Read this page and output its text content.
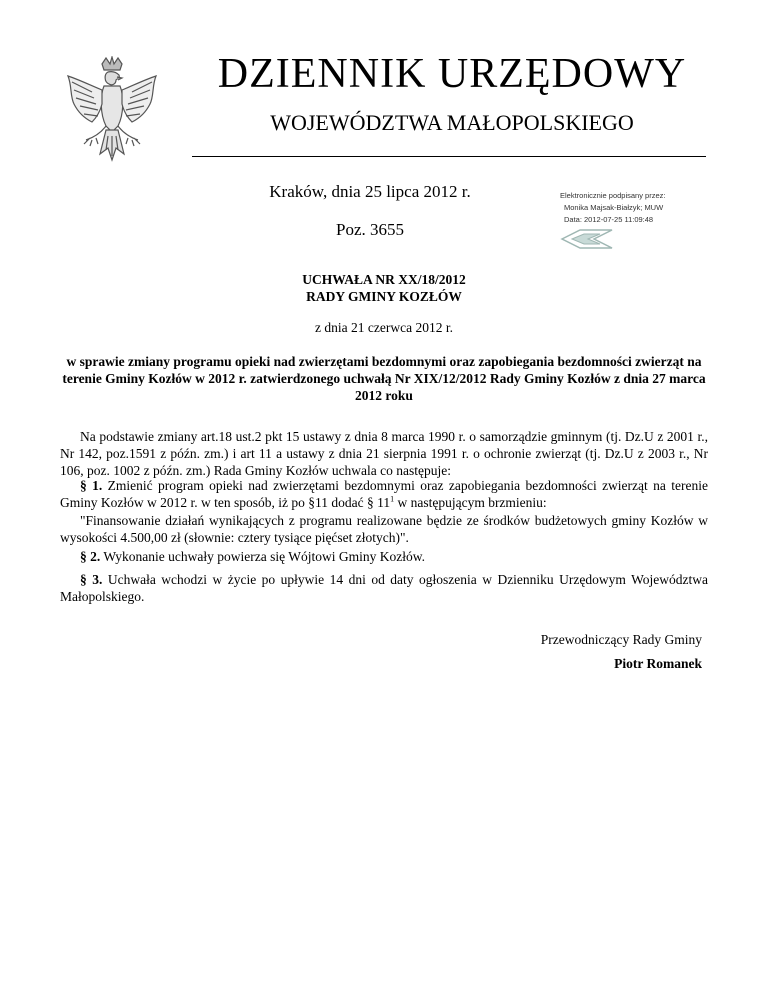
DZIENNIK URZĘDOWY
WOJEWÓDZTWA MAŁOPOLSKIEGO
Kraków, dnia 25 lipca 2012 r.
Poz. 3655
Elektronicznie podpisany przez:
Monika Majsak-Białzyk; MUW
Data: 2012-07-25 11:09:48
UCHWAŁA NR XX/18/2012
RADY GMINY KOZŁÓW
z dnia 21 czerwca 2012 r.
w sprawie zmiany programu opieki nad zwierzętami bezdomnymi oraz zapobiegania bezdomności zwierząt na terenie Gminy Kozłów w 2012 r. zatwierdzonego uchwałą Nr XIX/12/2012 Rady Gminy Kozłów z dnia 27 marca 2012 roku
Na podstawie zmiany art.18 ust.2 pkt 15 ustawy z dnia 8 marca 1990 r. o samorządzie gminnym (tj. Dz.U z 2001 r., Nr 142, poz.1591 z późn. zm.) i art 11 a ustawy z dnia 21 sierpnia 1991 r. o ochronie zwierząt (tj. Dz.U z 2003 r., Nr 106, poz. 1002 z późn. zm.) Rada Gminy Kozłów uchwala co następuje:
§ 1. Zmienić program opieki nad zwierzętami bezdomnymi oraz zapobiegania bezdomności zwierząt na terenie Gminy Kozłów w 2012 r. w ten sposób, iż po §11 dodać § $11^1$ w następującym brzmieniu:
"Finansowanie działań wynikających z programu realizowane będzie ze środków budżetowych gminy Kozłów w wysokości 4.500,00 zł (słownie: cztery tysiące pięćset złotych)".
§ 2. Wykonanie uchwały powierza się Wójtowi Gminy Kozłów.
§ 3. Uchwała wchodzi w życie po upływie 14 dni od daty ogłoszenia w Dzienniku Urzędowym Województwa Małopolskiego.
Przewodniczący Rady Gminy
Piotr Romanek
